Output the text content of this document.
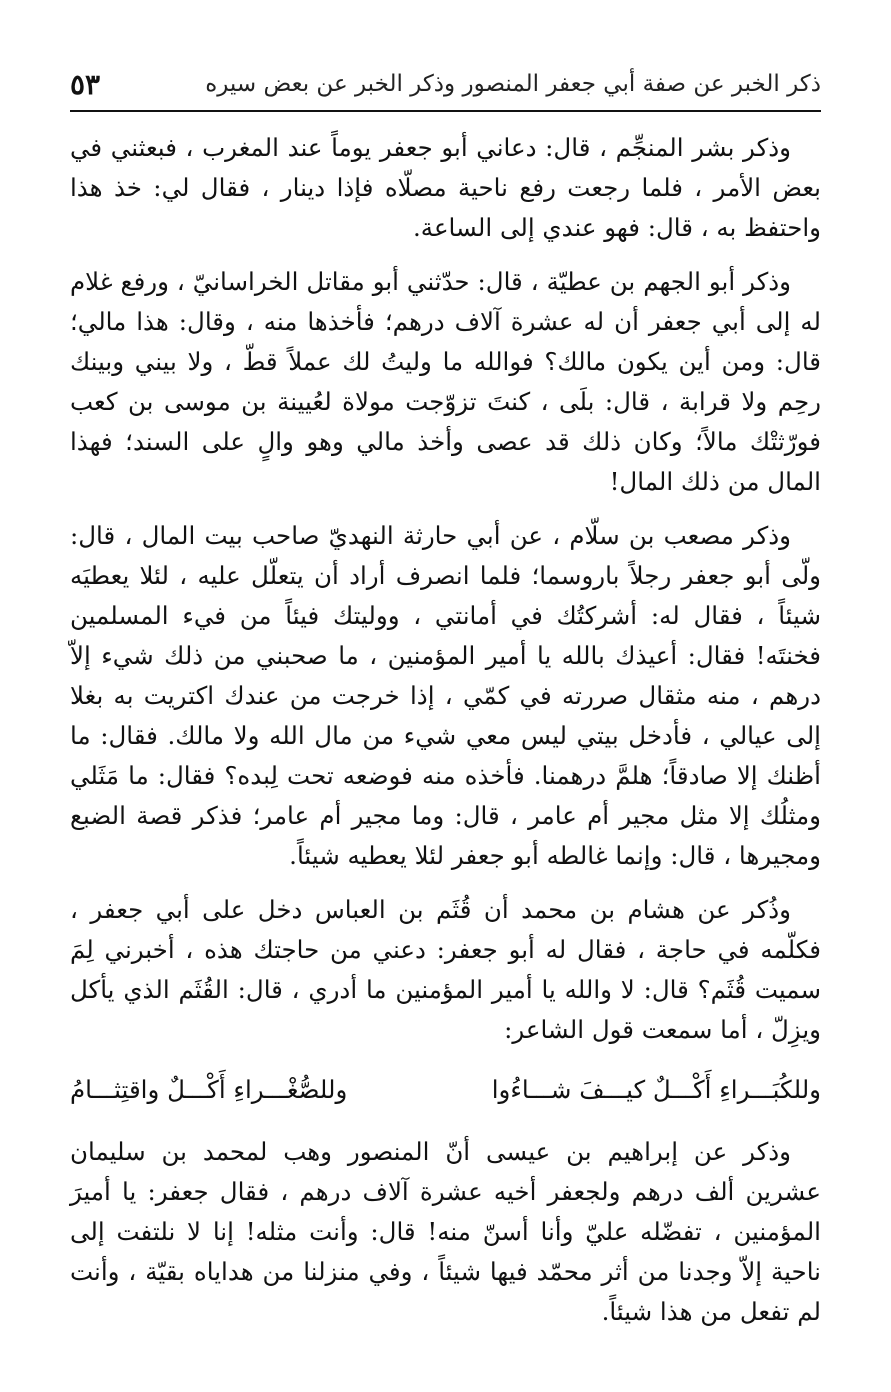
ذكر الخبر عن صفة أبي جعفر المنصور وذكر الخبر عن بعض سيره
٥٣

وذكر بشر المنجِّم ، قال: دعاني أبو جعفر يوماً عند المغرب ، فبعثني في بعض الأمر ، فلما رجعت رفع ناحية مصلّاه فإذا دينار ، فقال لي: خذ هذا واحتفظ به ، قال: فهو عندي إلى الساعة.

وذكر أبو الجهم بن عطيّة ، قال: حدّثني أبو مقاتل الخراسانيّ ، ورفع غلام له إلى أبي جعفر أن له عشرة آلاف درهم؛ فأخذها منه ، وقال: هذا مالي؛ قال: ومن أين يكون مالك؟ فوالله ما وليتُ لك عملاً قطّ ، ولا بيني وبينك رحِم ولا قرابة ، قال: بلَى ، كنتَ تزوّجت مولاة لعُيينة بن موسى بن كعب فورّثتْك مالاً؛ وكان ذلك قد عصى وأخذ مالي وهو والٍ على السند؛ فهذا المال من ذلك المال!

وذكر مصعب بن سلّام ، عن أبي حارثة النهديّ صاحب بيت المال ، قال: ولّى أبو جعفر رجلاً باروسما؛ فلما انصرف أراد أن يتعلّل عليه ، لئلا يعطيَه شيئاً ، فقال له: أشركتُك في أمانتي ، ووليتك فيئاً من فيء المسلمين فخنتَه! فقال: أعيذك بالله يا أمير المؤمنين ، ما صحبني من ذلك شيء إلاّ درهم ، منه مثقال صررته في كمّي ، إذا خرجت من عندك اكتريت به بغلا إلى عيالي ، فأدخل بيتي ليس معي شيء من مال الله ولا مالك. فقال: ما أظنك إلا صادقاً؛ هلمَّ درهمنا. فأخذه منه فوضعه تحت لِبده؟ فقال: ما مَثَلي ومثلُك إلا مثل مجير أم عامر ، قال: وما مجير أم عامر؛ فذكر قصة الضبع ومجيرها ، قال: وإنما غالطه أبو جعفر لئلا يعطيه شيئاً.

وذُكر عن هشام بن محمد أن قُثَم بن العباس دخل على أبي جعفر ، فكلّمه في حاجة ، فقال له أبو جعفر: دعني من حاجتك هذه ، أخبرني لِمَ سميت قُثَم؟ قال: لا والله يا أمير المؤمنين ما أدري ، قال: القُثَم الذي يأكل ويزِلّ ، أما سمعت قول الشاعر:

وللكُبَـــراءِ أَكْـــلٌ كيـــفَ شـــاءُوا
وللصُّغْـــراءِ أَكْـــلٌ واقتِثـــامُ

وذكر عن إبراهيم بن عيسى أنّ المنصور وهب لمحمد بن سليمان عشرين ألف درهم ولجعفر أخيه عشرة آلاف درهم ، فقال جعفر: يا أميرَ المؤمنين ، تفضّله عليّ وأنا أسنّ منه! قال: وأنت مثله! إنا لا نلتفت إلى ناحية إلاّ وجدنا من أثر محمّد فيها شيئاً ، وفي منزلنا من هداياه بقيّة ، وأنت لم تفعل من هذا شيئاً.
